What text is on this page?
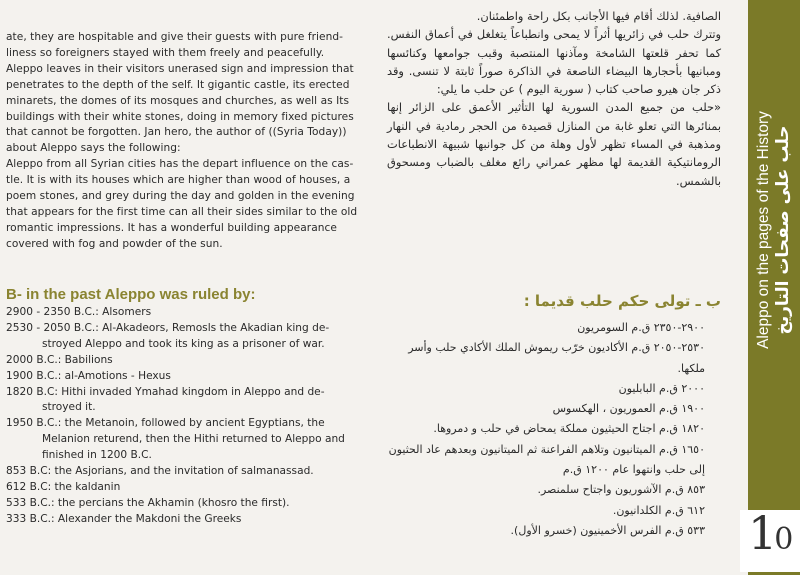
ate, they are hospitable and give their guests with pure friend-

liness so foreigners stayed with them freely and peacefully.

Aleppo leaves in their visitors unerased sign and impression that

penetrates to the depth of the self. It gigantic castle, its erected

minarets, the domes of its mosques and churches, as well as Its

buildings with their white stones, doing in memory fixed pictures

that cannot be forgotten. Jan hero, the author of ((Syria Today))

about Aleppo says the following:

Aleppo from all Syrian cities has the depart influence on the cas-

tle. It is with its houses which are higher than wood of houses, a

poem stones, and grey during the day and golden in the evening

that appears for the first time can all their sides similar to the old

romantic impressions. It has a wonderful building appearance

covered with fog and powder of the sun.

B- in the past Aleppo was ruled by:
2900 - 2350 B.C.: Alsomers
2530 - 2050 B.C.: Al-Akadeors, Remosls the Akadian king de-
stroyed Aleppo and took its king as a prisoner of war.
2000 B.C.: Babilions
1900 B.C.: al-Amotions - Hexus
1820 B.C: Hithi invaded Ymahad kingdom in Aleppo and de-
stroyed it.
1950 B.C.: the Metanoin, followed by ancient Egyptians, the
Melanion returend, then the Hithi returned to Aleppo and
finished in 1200 B.C.
853 B.C: the Asjorians, and the invitation of salmanassad.
612 B.C: the kaldanin
533 B.C.: the percians the Akhamin (khosro the first).
333 B.C.: Alexander the Makdoni the Greeks

الصافية. لذلك أقام فيها الأجانب بكل راحة واطمئنان.

وتترك حلب في زائريها أثراً لا يمحى وانطباعاً يتغلغل في أعماق النفس. كما تحفر قلعتها الشامخة ومآذنها المنتصبة وقبب جوامعها وكنائسها ومبانيها بأحجارها البيضاء الناصعة في الذاكرة صوراً ثابتة لا تنسى. وقد ذكر جان هيرو صاحب كتاب ( سورية اليوم ) عن حلب ما يلي:

«حلب من جميع المدن السورية لها التأثير الأعمق على الزائر إنها بمنائرها التي تعلو غابة من المنازل قصيدة من الحجر رمادية في النهار ومذهبة في المساء تظهر لأول وهلة من كل جوانبها شبيهة الانطباعات الرومانتيكية القديمة لها مظهر عمراني رائع مغلف بالضباب ومسحوق بالشمس.

ب ـ تولى حكم حلب قديما :
٢٩٠٠-٢٣٥٠ ق.م السومريون
٢٥٣٠-٢٠٥٠ ق.م الأكاديون خرّب ريموش الملك الأكادي حلب وأسر ملكها.
٢٠٠٠ ق.م البابليون
١٩٠٠ ق.م العموريون ، الهكسوس
١٨٢٠ ق.م اجتاح الحيثيون مملكة يمحاض في حلب و دمروها.
١٦٥٠ ق.م الميتانيون وتلاهم الفراعنة ثم الميتانيون وبعدهم عاد الحثيون إلى حلب وانتهوا عام ١٢٠٠ ق.م
٨٥٣ ق.م الآشوريون واجتاح سلمنصر.
٦١٢ ق.م الكلدانيون.
٥٣٣ ق.م الفرس الأخمينيون (خسرو الأول).
Aleppo on the pages of the History حلب على صفحات التاريخ
10
